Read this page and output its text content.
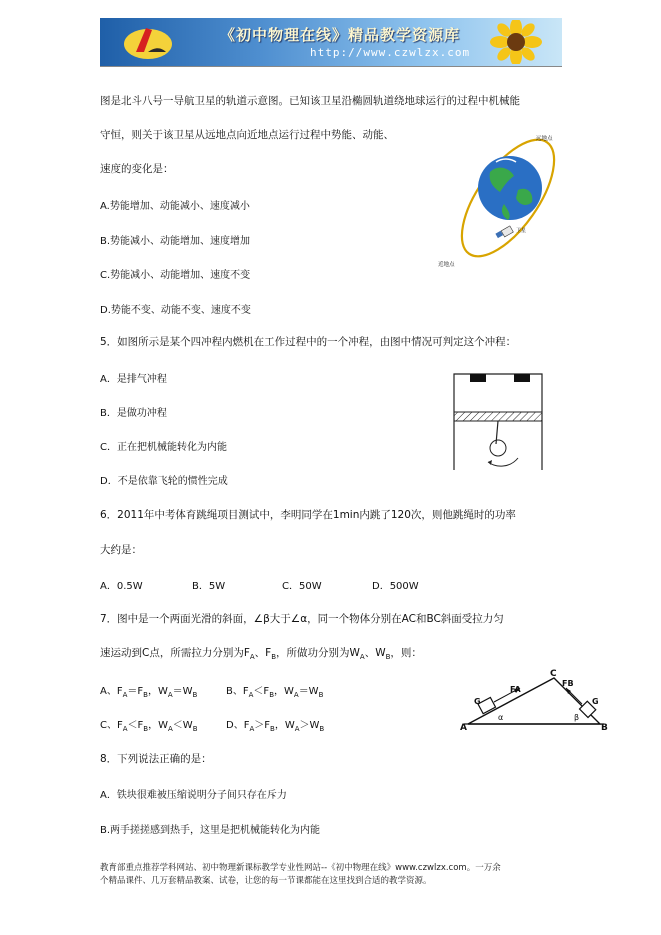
《初中物理在线》精品教学资源库
http://www.czwlzx.com
图是北斗八号一导航卫星的轨道示意图。已知该卫星沿椭圆轨道绕地球运行的过程中机械能
守恒，则关于该卫星从远地点向近地点运行过程中势能、动能、
速度的变化是：
A.势能增加、动能减小、速度减小
B.势能减小、动能增加、速度增加
C.势能减小、动能增加、速度不变
D.势能不变、动能不变、速度不变
远地点
近地点
卫星
5．如图所示是某个四冲程内燃机在工作过程中的一个冲程，由图中情况可判定这个冲程：
A．是排气冲程
B．是做功冲程
C．正在把机械能转化为内能
D．不是依靠飞轮的惯性完成
6．2011年中考体育跳绳项目测试中，李明同学在1min内跳了120次，则他跳绳时的功率
大约是：
A．0.5W	B．5W	C．50W	D．500W
7．图中是一个两面光滑的斜面，∠β大于∠α，同一个物体分别在AC和BC斜面受拉力匀
速运动到C点，所需拉力分别为$F_A$、$F_B$，所做功分别为$W_A$、$W_B$，则：
A、$F_A=F_B$，$W_A=W_B$	B、$F_A<F_B$，$W_A=W_B$
C、$F_A<F_B$，$W_A<W_B$	D、$F_A>F_B$，$W_A>W_B$	A	B
C
G	G
FA
FB
α	β
8．下列说法正确的是：
A．铁块很难被压缩说明分子间只存在斥力
B.两手搓搓感到热手，这里是把机械能转化为内能
教育部重点推荐学科网站、初中物理新课标教学专业性网站--《初中物理在线》www.czwlzx.com。一万余
个精品课件、几万套精品教案、试卷，让您的每一节课都能在这里找到合适的教学资源。
